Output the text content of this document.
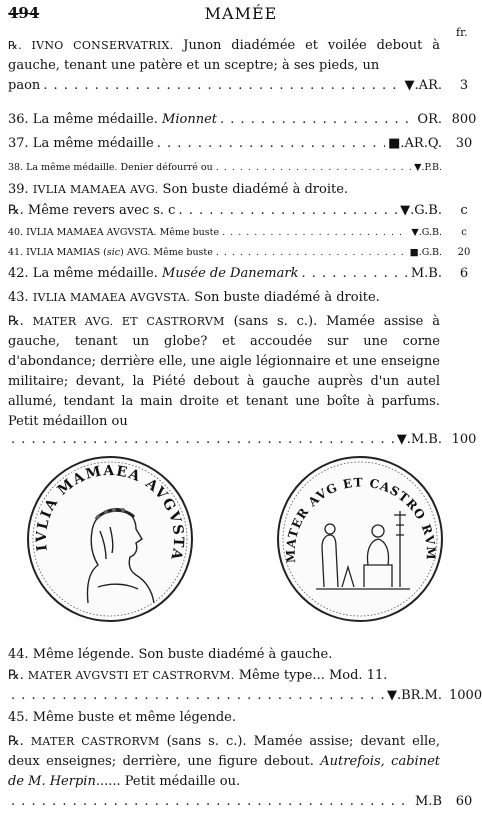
494	MAMÉE
fr.
℞. IVNO CONSERVATRIX. Junon diadémée et voilée debout à gauche, tenant une patère et un sceptre; à ses pieds, un
paon . . .	▼.AR.	3
36. La même médaille. Mionnet . . .	OR. 800
37. La même médaille . . .	■.AR.Q.	30
38. La même médaille. Denier défourré ou . . .	▼.P.B.
39. IVLIA MAMAEA AVG. Son buste diadémé à droite.
℞. Même revers avec s. c . . .	▼.G.B.	c
40. IVLIA MAMAEA AVGVSTA. Même buste . . .	▼.G.B.	c
41. IVLIA MAMIAS (sic) AVG. Même buste . . .	■.G.B.	20
42. La même médaille. Musée de Danemark . . .	M.B.	6
43. IVLIA MAMAEA AVGVSTA. Son buste diadémé à droite.
℞. MATER AVG. ET CASTRORVM (sans s. c.). Mamée assise à gauche, tenant un globe? et accoudée sur une corne d'abondance; derrière elle, une aigle légionnaire et une enseigne militaire; devant, la Piété debout à gauche auprès d'un autel allumé, tendant la main droite et tenant une boîte à parfums. Petit médaillon ou
. . .
▼.M.B. 100
IVLIA MAMAEA AVGVSTA	MATER AVG ET CASTRO RVM
44. Même légende. Son buste diadémé à gauche.
℞. MATER AVGVSTI ET CASTRORVM. Même type... Mod. 11.
. . .
▼.BR.M. 1000
45. Même buste et même légende.
℞. MATER CASTRORVM (sans s. c.). Mamée assise; devant elle, deux enseignes; derrière, une figure debout. Autrefois, cabinet de M. Herpin...... Petit médaille ou.
. . .
M.B	60
